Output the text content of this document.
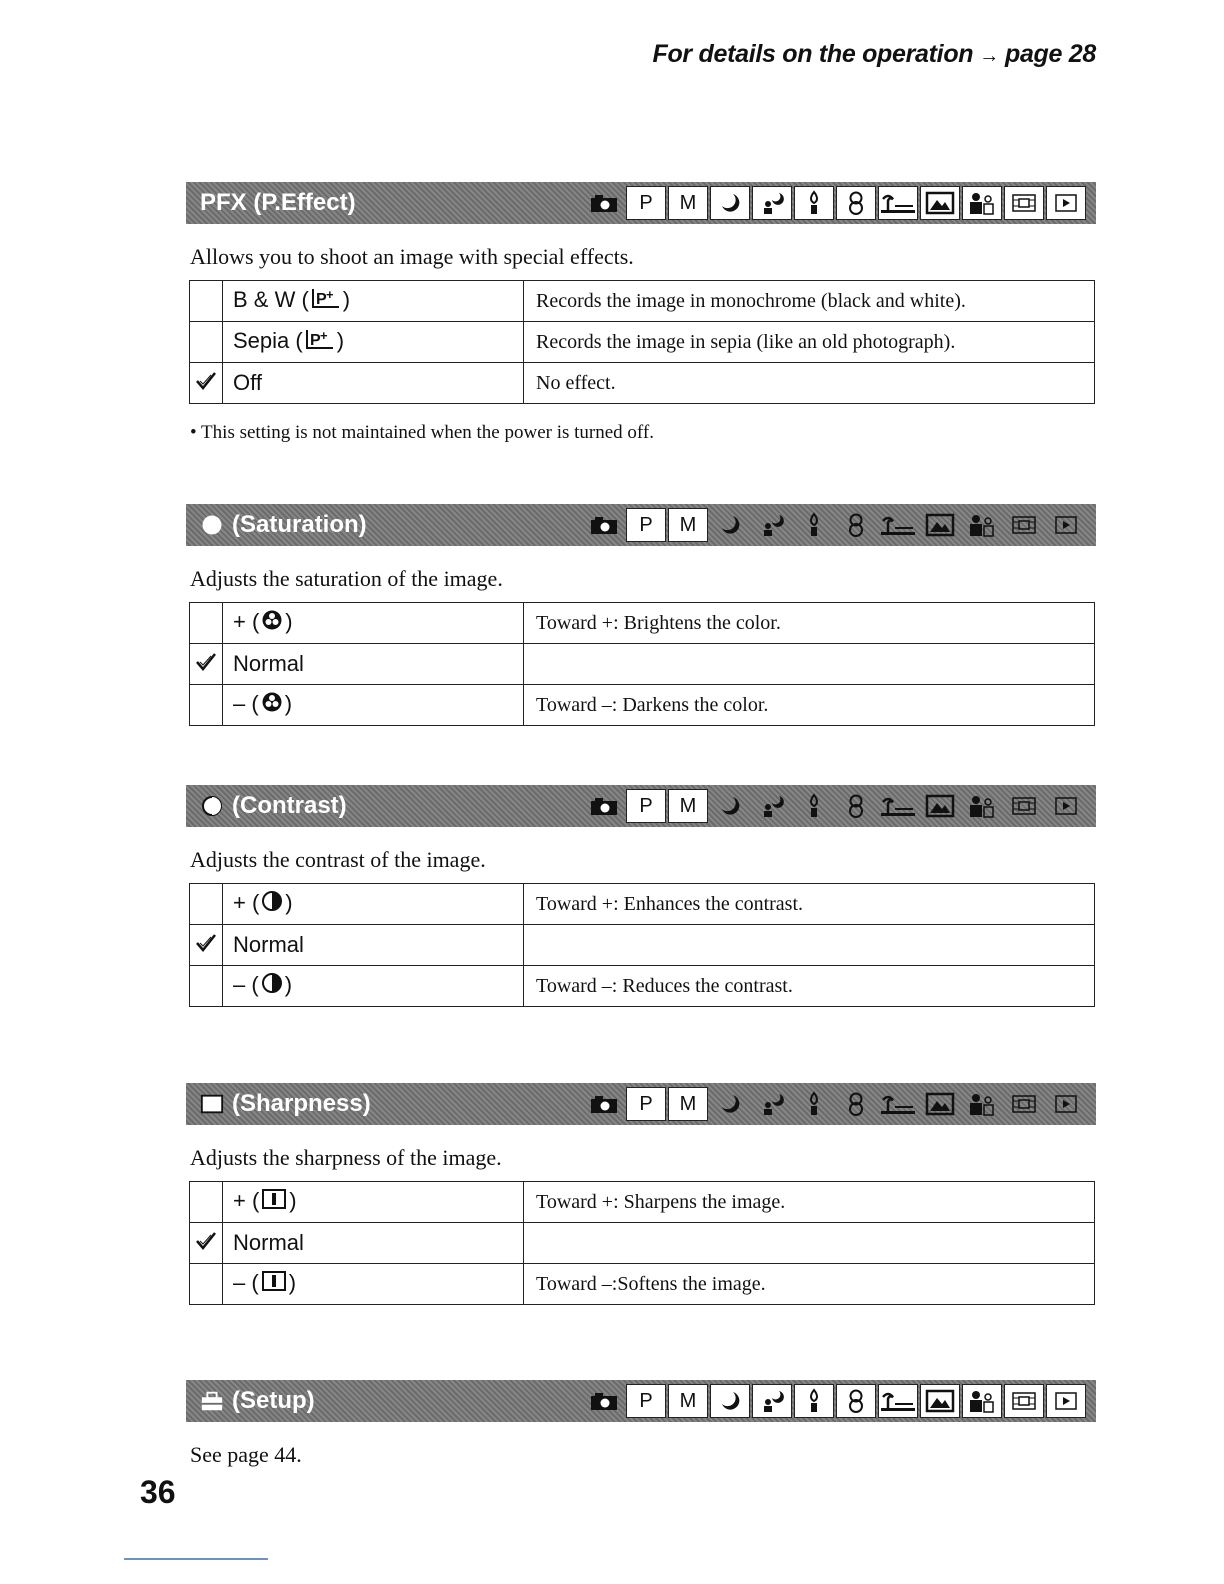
For details on the operation → page 28
PFX (P.Effect)	P	M
Allows you to shoot an image with special effects.
	B & W ( P + )	Records the image in monochrome (black and white).
	Sepia ( P + )	Records the image in sepia (like an old photograph).
	Off	No effect.
• This setting is not maintained when the power is turned off.
(Saturation)	P	M
Adjusts the saturation of the image.
	+ ( )	Toward +: Brightens the color.
	Normal	
	– ( )	Toward –: Darkens the color.
(Contrast)	P	M
Adjusts the contrast of the image.
	+ ( )	Toward +: Enhances the contrast.
	Normal	
	– ( )	Toward –: Reduces the contrast.
(Sharpness)	P	M
Adjusts the sharpness of the image.
	+ ( )	Toward +: Sharpens the image.
	Normal	
	– ( )	Toward –:Softens the image.
(Setup)	P	M
See page 44.
36
